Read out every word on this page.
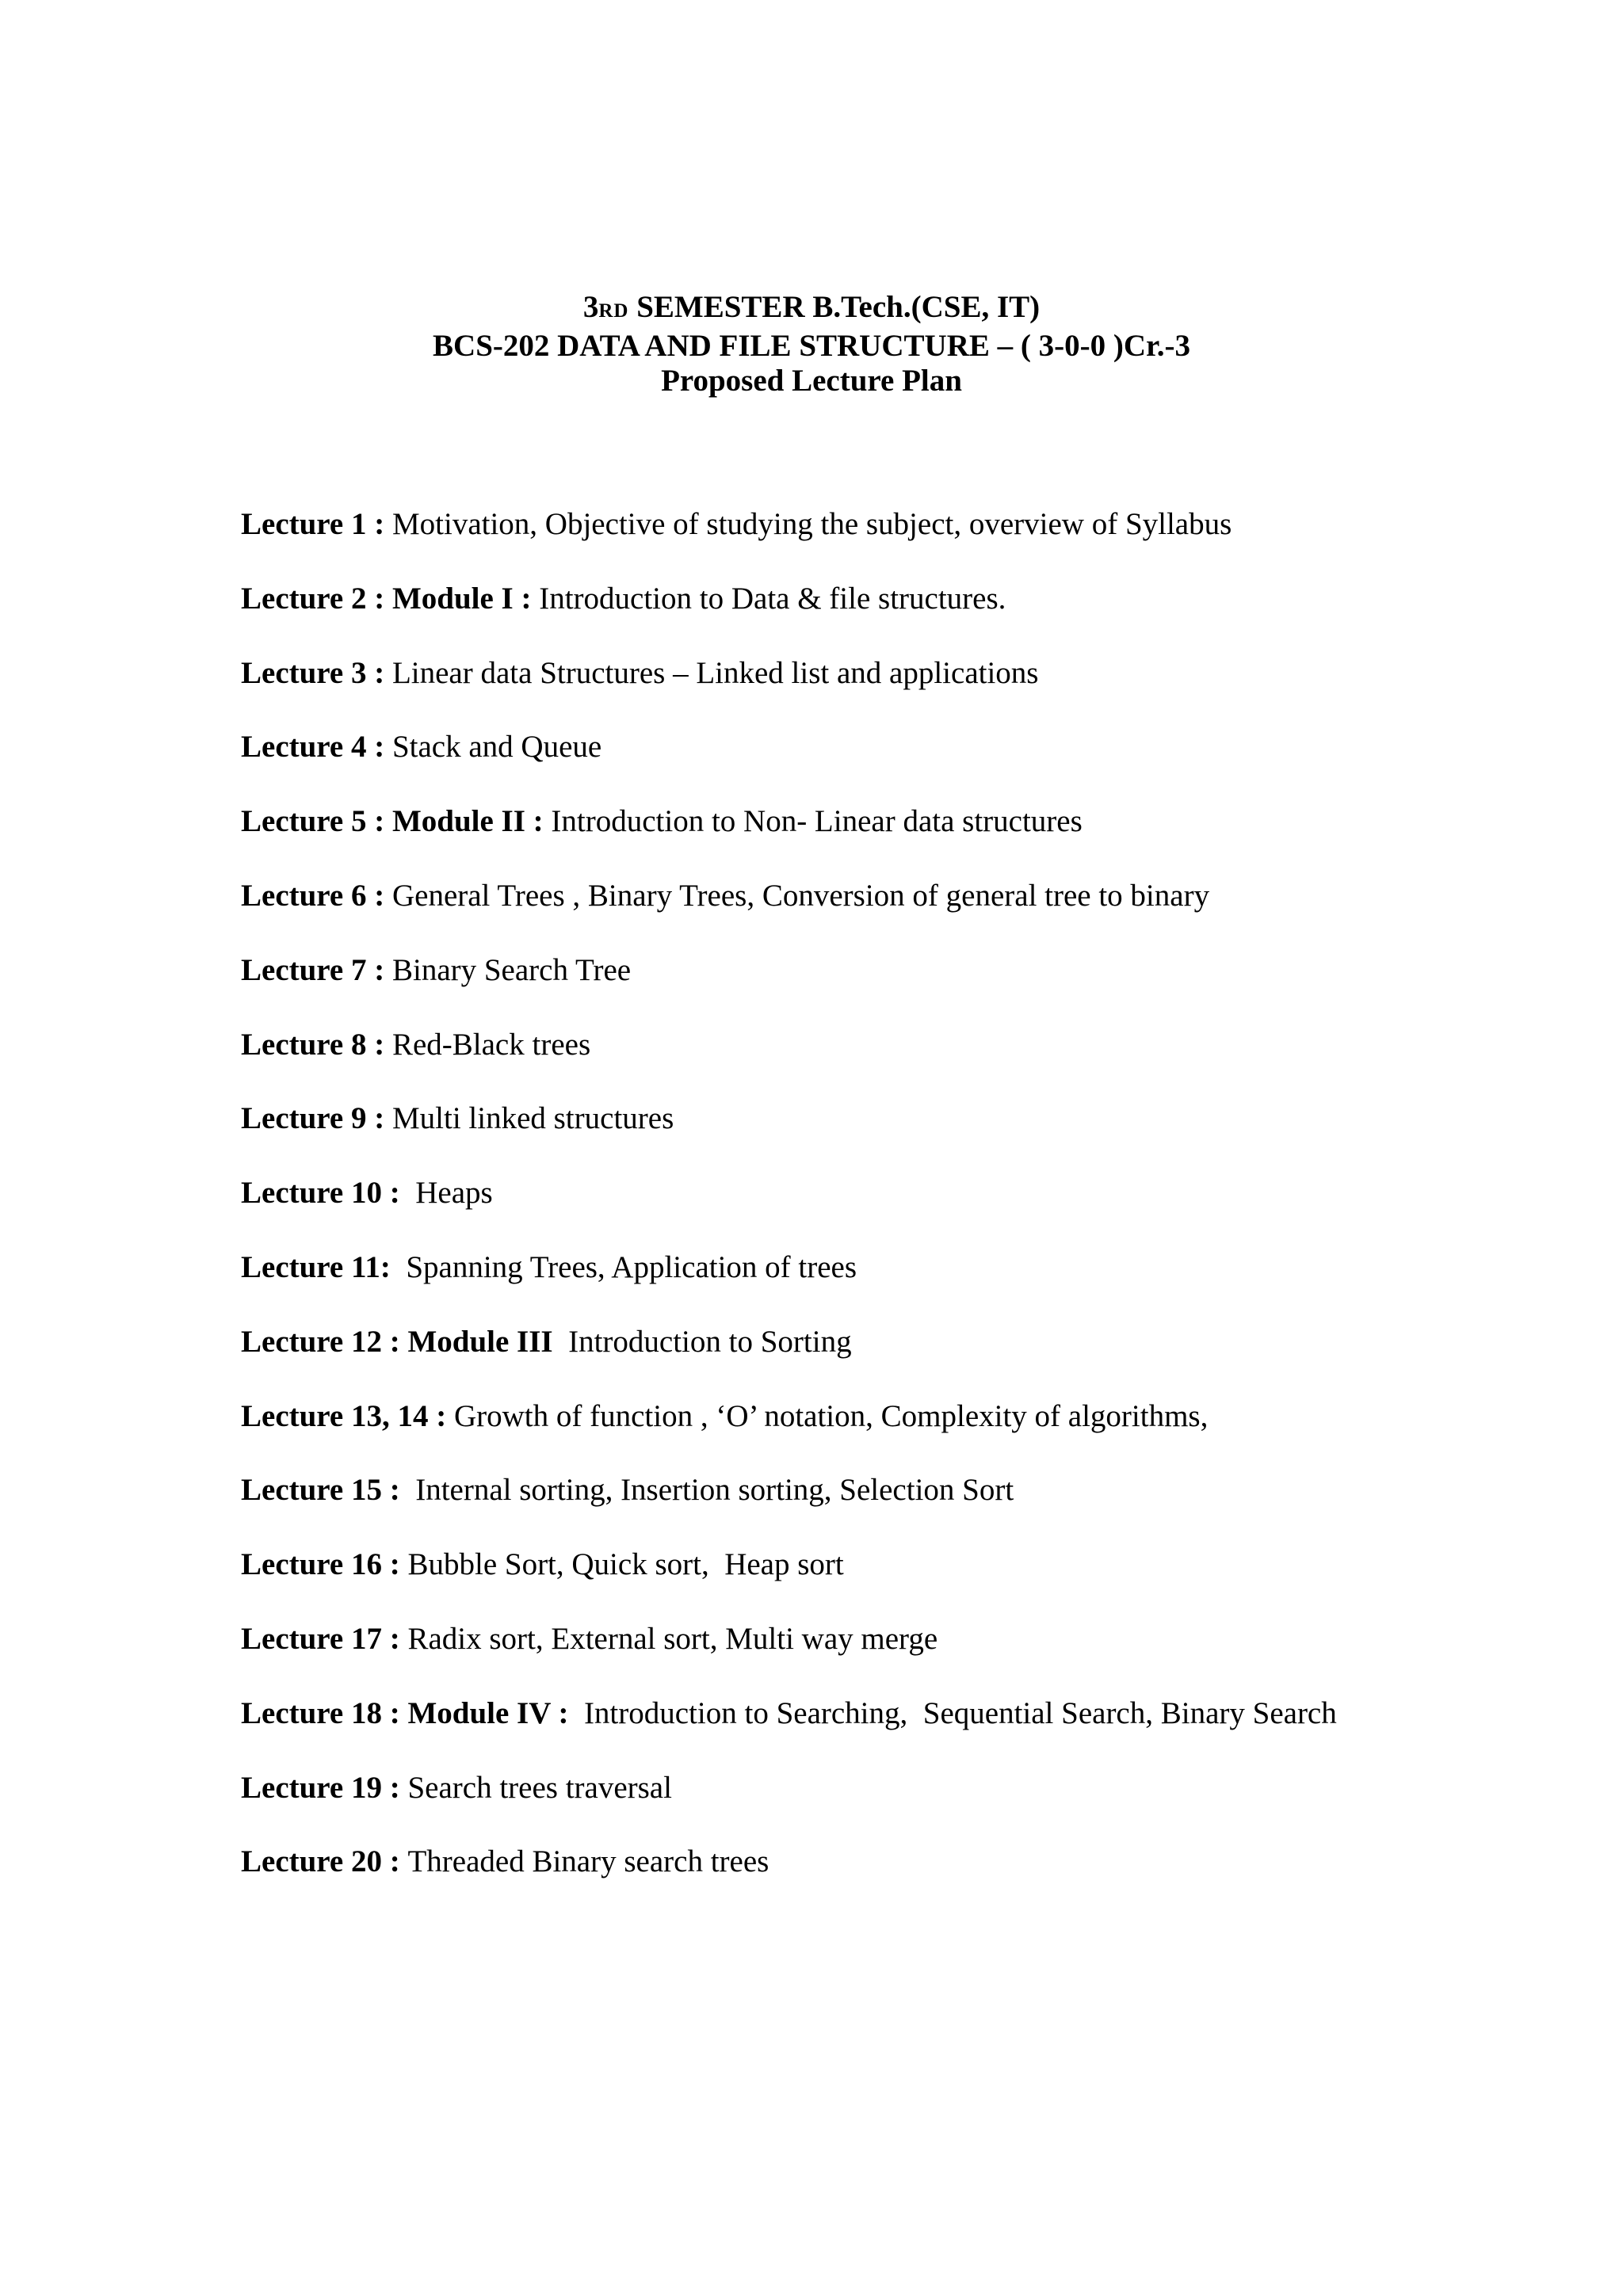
3RD SEMESTER B.Tech.(CSE, IT)
BCS-202 DATA AND FILE STRUCTURE – ( 3-0-0 )Cr.-3
Proposed Lecture Plan
Lecture 1 : Motivation, Objective of studying the subject, overview of Syllabus
Lecture 2 : Module I : Introduction to Data & file structures.
Lecture 3 : Linear data Structures – Linked list and applications
Lecture 4 : Stack and Queue
Lecture 5 : Module II : Introduction to Non- Linear data structures
Lecture 6 : General Trees , Binary Trees, Conversion of general tree to binary
Lecture 7 : Binary Search Tree
Lecture 8 : Red-Black trees
Lecture 9 : Multi linked structures
Lecture 10 :  Heaps
Lecture 11:  Spanning Trees, Application of trees
Lecture 12 : Module III  Introduction to Sorting
Lecture 13, 14 : Growth of function , ‘O’ notation, Complexity of algorithms,
Lecture 15 :  Internal sorting, Insertion sorting, Selection Sort
Lecture 16 : Bubble Sort, Quick sort,  Heap sort
Lecture 17 : Radix sort, External sort, Multi way merge
Lecture 18 : Module IV :  Introduction to Searching,  Sequential Search, Binary Search
Lecture 19 : Search trees traversal
Lecture 20 : Threaded Binary search trees
